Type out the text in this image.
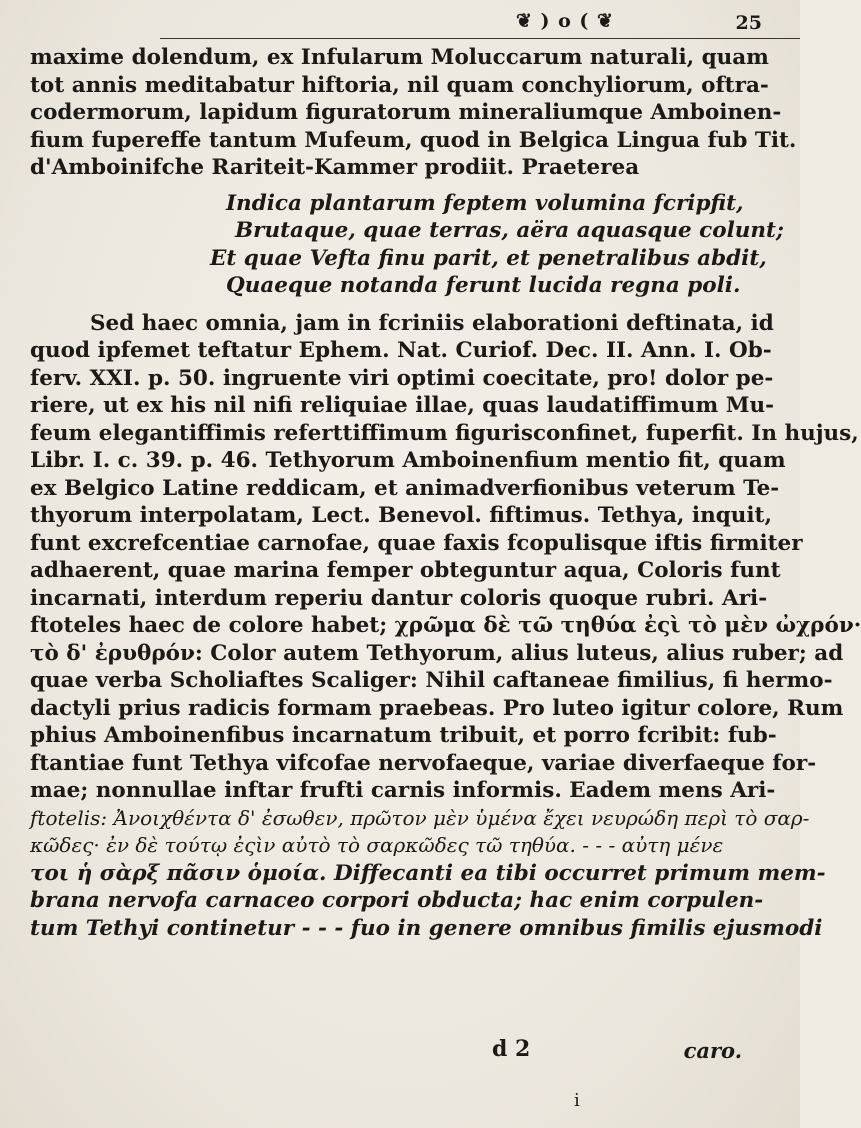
❦ ) o ( ❦	25
maxime dolendum, ex Infularum Moluccarum naturali, quam
tot annis meditabatur hiftoria, nil quam conchyliorum, oftra-
codermorum, lapidum figuratorum mineraliumque Amboinen-
fium fupereffe tantum Mufeum, quod in Belgica Lingua fub Tit.
d'Amboinifche Rariteit-Kammer prodiit. Praeterea
Indica plantarum feptem volumina fcripfit,
Brutaque, quae terras, aëra aquasque colunt;
Et quae Vefta finu parit, et penetralibus abdit,
Quaeque notanda ferunt lucida regna poli.
Sed haec omnia, jam in fcriniis elaborationi deftinata, id
quod ipfemet teftatur Ephem. Nat. Curiof. Dec. II. Ann. I. Ob-
ferv. XXI. p. 50. ingruente viri optimi coecitate, pro! dolor pe-
riere, ut ex his nil nifi reliquiae illae, quas laudatiffimum Mu-
feum elegantiffimis referttiffimum figurisconfinet, fuperfit. In hujus,
Libr. I. c. 39. p. 46. Tethyorum Amboinenfium mentio fit, quam
ex Belgico Latine reddicam, et animadverfionibus veterum Te-
thyorum interpolatam, Lect. Benevol. fiftimus. Tethya, inquit,
funt excrefcentiae carnofae, quae faxis fcopulisque iftis firmiter
adhaerent, quae marina femper obteguntur aqua, Coloris funt
incarnati, interdum reperiu dantur coloris quoque rubri. Ari-
ftoteles haec de colore habet; χρῶμα δὲ τῶ τηθύα ἐςὶ τὸ μὲν ὠχρόν·
τὸ δ' ἐρυθρόν: Color autem Tethyorum, alius luteus, alius ruber; ad
quae verba Scholiaftes Scaliger: Nihil caftaneae fimilius, fi hermo-
dactyli prius radicis formam praebeas. Pro luteo igitur colore, Rum
phius Amboinenfibus incarnatum tribuit, et porro fcribit: fub-
ftantiae funt Tethya vifcofae nervofaeque, variae diverfaeque for-
mae; nonnullae inftar frufti carnis informis. Eadem mens Ari-
ftotelis: Ἀνοιχθέντα δ' ἐσωθεν, πρῶτον μὲν ὑμένα ἔχει νευρώδη περὶ τὸ σαρ-
κῶδες· ἐν δὲ τούτῳ ἐςὶν αὐτὸ τὸ σαρκῶδες τῶ τηθύα. - - - αὐτη μένε
τοι ἡ σὰρξ πᾶσιν ὁμοία. Diffecanti ea tibi occurret primum mem-
brana nervofa carnaceo corpori obducta; hac enim corpulen-
tum Tethyi continetur - - - fuo in genere omnibus fimilis ejusmodi
d 2	caro.
i
